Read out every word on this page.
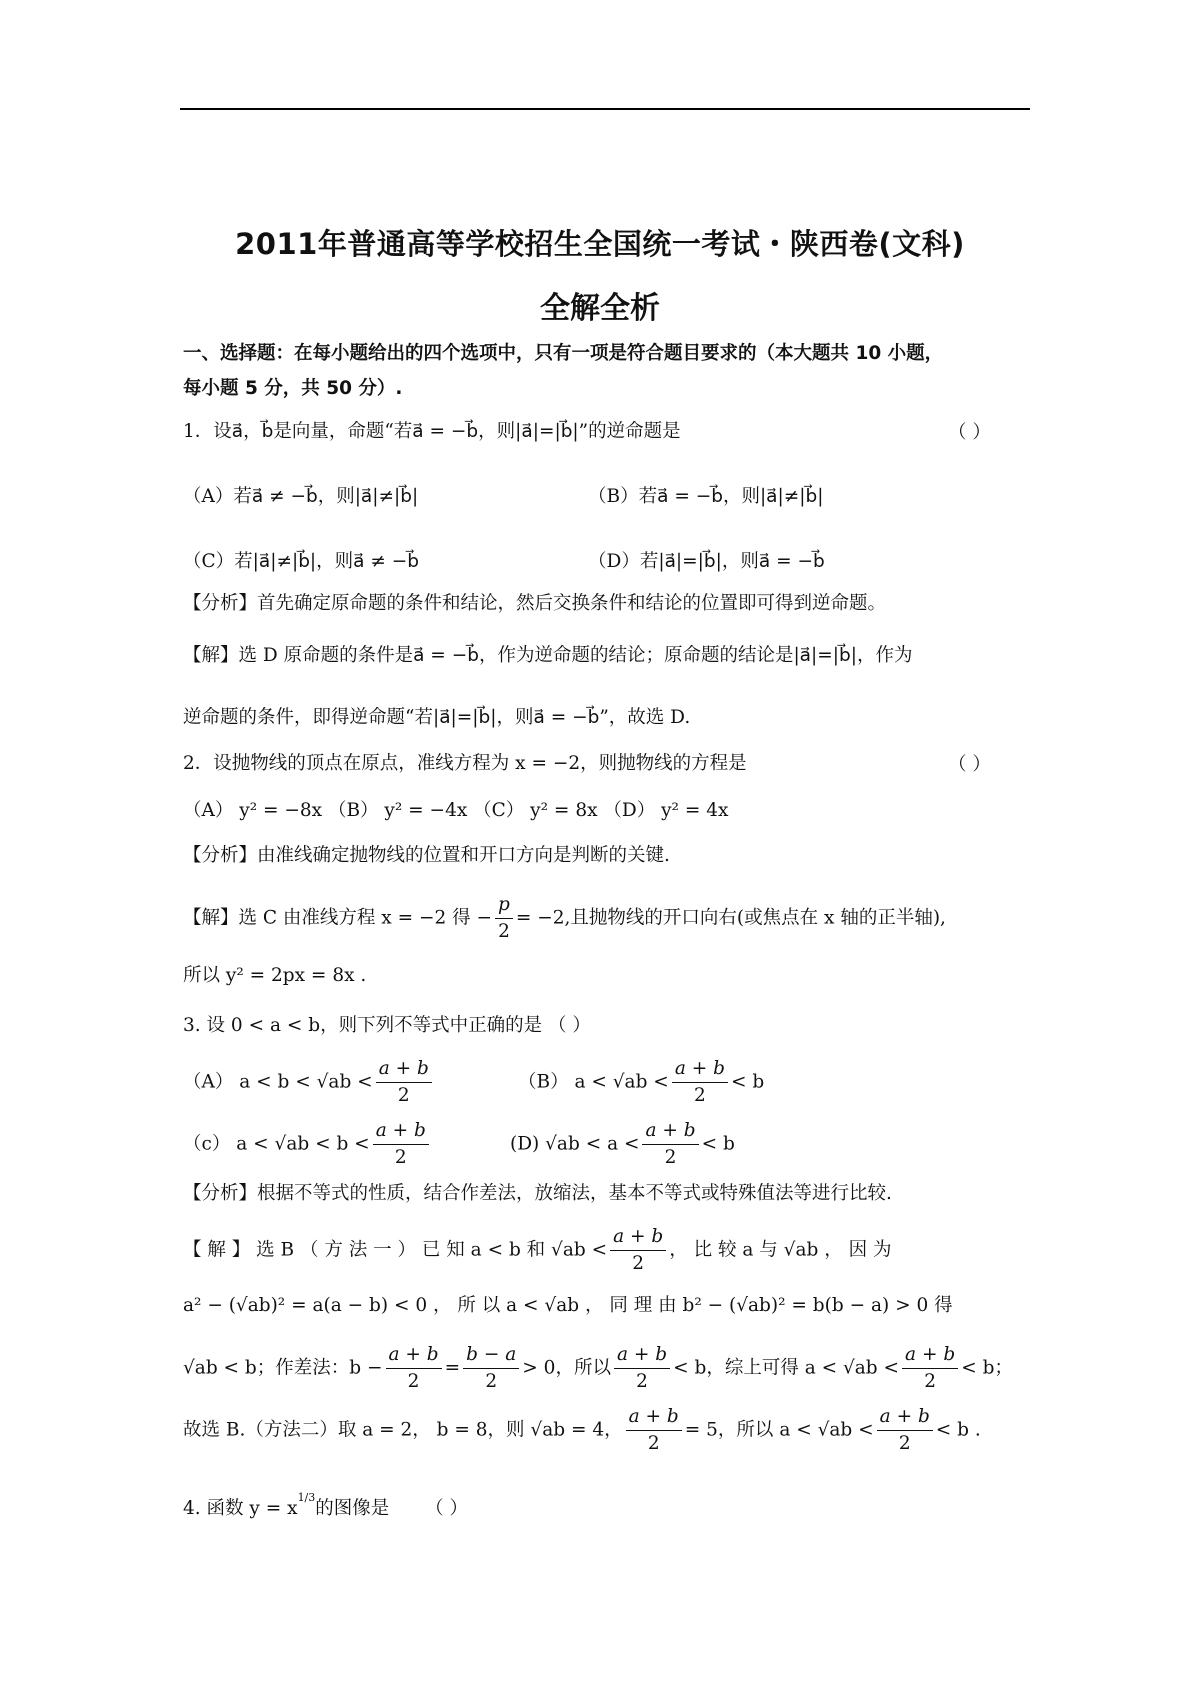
2011年普通高等学校招生全国统一考试・陕西卷(文科)
全解全析
一、选择题：在每小题给出的四个选项中，只有一项是符合题目要求的（本大题共 10 小题，
每小题 5 分，共 50 分）.
1．设a⃗，b⃗是向量，命题“若a⃗ = −b⃗，则|a⃗|=|b⃗|”的逆命题是	（ ）
（A）若a⃗ ≠ −b⃗，则|a⃗|≠|b⃗|	（B）若a⃗ = −b⃗，则|a⃗|≠|b⃗|
（C）若|a⃗|≠|b⃗|，则a⃗ ≠ −b⃗	（D）若|a⃗|=|b⃗|，则a⃗ = −b⃗
【分析】首先确定原命题的条件和结论，然后交换条件和结论的位置即可得到逆命题。
【解】选 D 原命题的条件是a⃗ = −b⃗，作为逆命题的结论；原命题的结论是|a⃗|=|b⃗|，作为
逆命题的条件，即得逆命题“若|a⃗|=|b⃗|，则a⃗ = −b⃗”，故选 D.
2．设抛物线的顶点在原点，准线方程为 x = −2，则抛物线的方程是	（ ）
（A） y² = −8x （B） y² = −4x （C） y² = 8x （D） y² = 4x
【分析】由准线确定抛物线的位置和开口方向是判断的关键.
【解】选 C 由准线方程 x = −2 得 − $\frac{p}{2} = -2$,且抛物线的开口向右(或焦点在 x 轴的正半轴),
所以 y² = 2px = 8x .
3. 设 0 < a < b，则下列不等式中正确的是 （ ）
（A） $a < b < √ab < \frac{a + b}{2}$	（B） $a < √ab < \frac{a + b}{2} < b$
（c） $a < √ab < b < \frac{a + b}{2}$	(D) $√ab < a < \frac{a + b}{2} < b$
【分析】根据不等式的性质，结合作差法，放缩法，基本不等式或特殊值法等进行比较.
【 解 】 选 B （ 方 法 一 ） 已 知 a < b 和 $√ab < \frac{a + b}{2}$ ， 比 较 a 与 √ab ， 因 为
a² − (√ab)² = a(a − b) < 0 ， 所 以 a < √ab ， 同 理 由 b² − (√ab)² = b(b − a) > 0 得
√ab < b；作差法：$b - \frac{a + b}{2} = \frac{b - a}{2} > 0$，所以 $\frac{a + b}{2} < b$，综上可得 $a < √ab < \frac{a + b}{2} < b$；
故选 B.（方法二）取 a = 2， b = 8，则 √ab = 4， $\frac{a + b}{2} = 5$，所以 $a < √ab < \frac{a + b}{2} < b$ .
4. 函数 $y = x^{1/3}$的图像是 （ ）
